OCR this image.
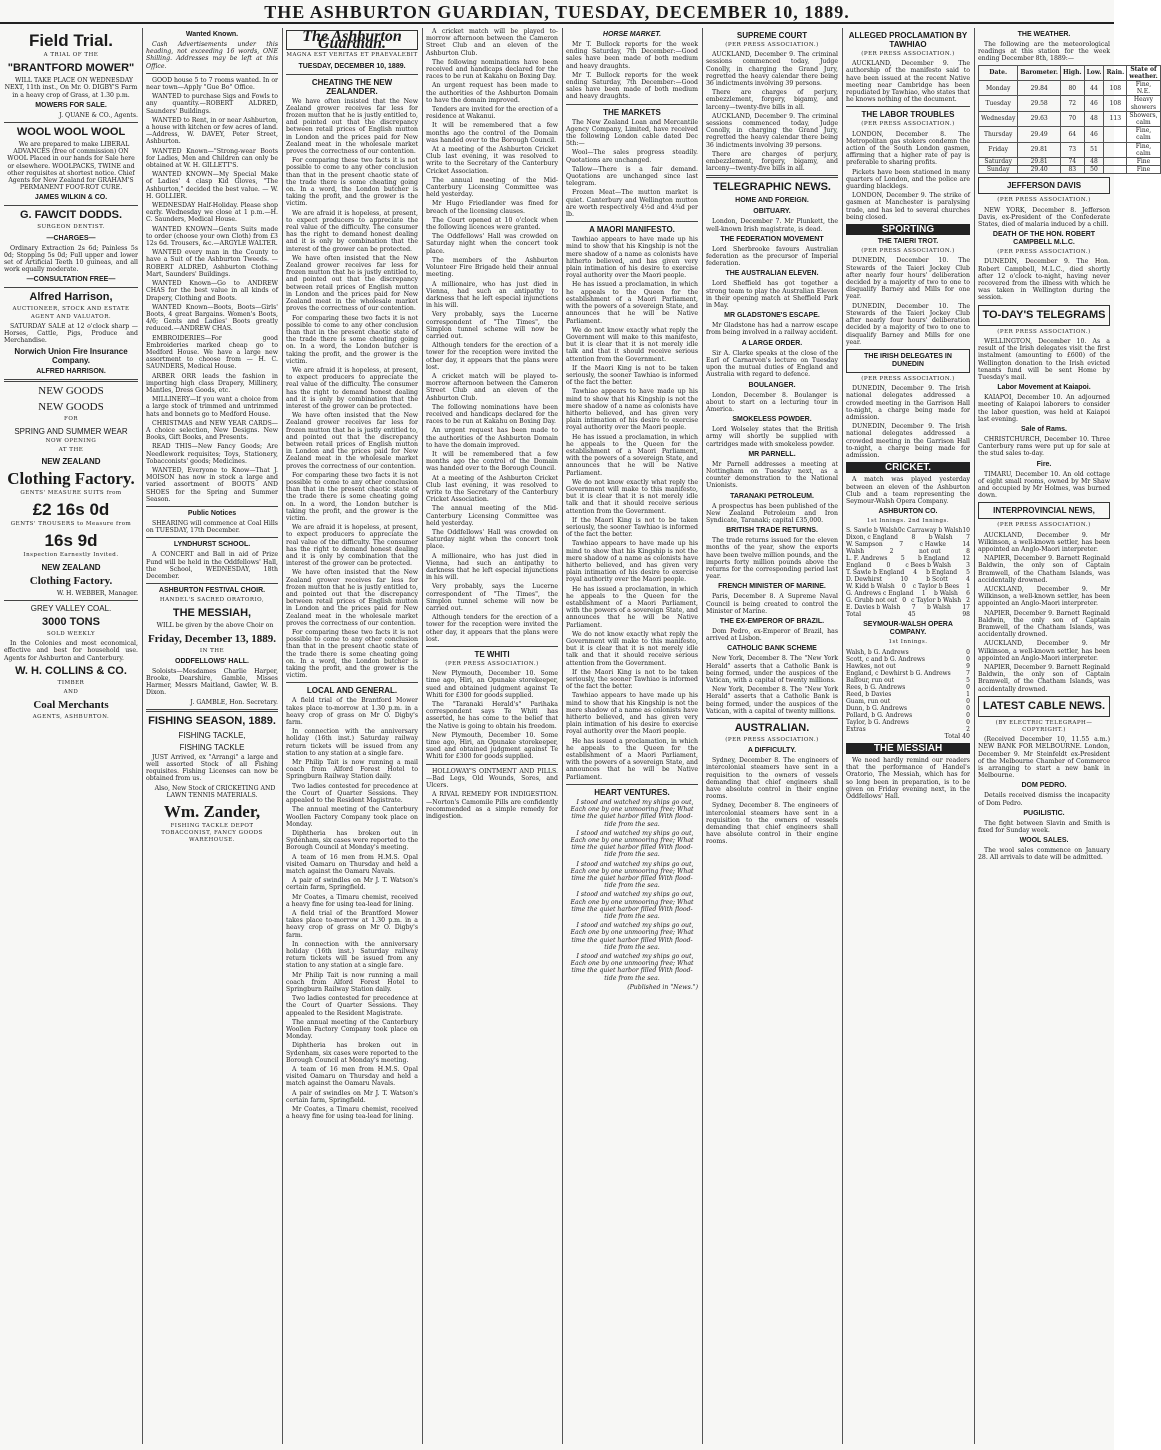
THE ASHBURTON GUARDIAN, TUESDAY, DECEMBER 10, 1889.
Field Trial.
A TRIAL OF THE
"BRANTFORD MOWER"

WILL TAKE PLACE ON WEDNESDAY NEXT, 11th inst., On Mr. O. DIGBY'S Farm in a heavy crop of Grass, at 1.30 p.m.

MOWERS FOR SALE.
J. QUANE & CO., Agents.
WOOL WOOL WOOL

We are prepared to make LIBERAL ADVANCES (free of commission) ON WOOL Placed in our hands for Sale here or elsewhere. WOOLPACKS, TWINE and other requisites at shortest notice. Chief Agents for New Zealand for GRAHAM'S PERMANENT FOOT-ROT CURE.

JAMES WILKIN & CO.
G. FAWCIT DODDS.
SURGEON DENTIST.
—CHARGES—

Ordinary Extraction 2s 6d; Painless 5s 0d; Stopping 5s 0d; Full upper and lower set of Artificial Teeth 10 guineas, and all work equally moderate.

—CONSULTATION FREE—
Alfred Harrison,
AUCTIONEER, STOCK AND ESTATE AGENT AND VALUATOR.

SATURDAY SALE at 12 o'clock sharp — Horses, Cattle, Pigs, Produce and Merchandise.

Norwich Union Fire Insurance Company.
ALFRED HARRISON.
NEW GOODS
NEW GOODS
FOR
SPRING AND SUMMER WEAR
NOW OPENING
AT THE
NEW ZEALAND
Clothing Factory.
GENTS' MEASURE SUITS from
£2 16s 0d
GENTS' TROUSERS to Measure from
16s 9d
Inspection Earnestly Invited.
NEW ZEALAND
Clothing Factory.
W. H. WEBBER, Manager.
GREY VALLEY COAL.
3000 TONS
SOLD WEEKLY

In the Colonies and most economical, effective and best for household use. Agents for Ashburton and Canterbury.

W. H. COLLINS & CO.
TIMBER
AND
Coal Merchants
AGENTS, ASHBURTON.
Wanted Known.

Cash Advertisements under this heading, not exceeding 16 words, ONE Shilling. Addresses may be left at this Office.

GOOD house 5 to 7 rooms wanted. In or near town—Apply "Gue Bo" Office.

WANTED to purchase Sigs and Fowls to any quantity.—ROBERT ALDRED, Saunders' Buildings.

WANTED to Rent, in or near Ashburton, a house with kitchen or few acres of land.—Address, W. DAVEY, Peter Street, Ashburton.

WANTED Known—"Strong-wear Boots for Ladies, Men and Children can only be obtained at W. H. GILLETT'S.

WANTED KNOWN—My Special Make of Ladies' 4 clasp Kid Gloves, "The Ashburton," decided the best value. — W. H. GOLLIER.

WEDNESDAY Half-Holiday. Please shop early. Wednesday we close at 1 p.m.—H. C. Saunders, Medical House.

WANTED KNOWN—Gents Suits made to order (choose your own Cloth) from £3 12s 6d. Trousers, &c.—ARGYLE WALTER.

WANTED every man in the County to have a Suit of the Ashburton Tweeds. — ROBERT ALDRED, Ashburton Clothing Mart, Saunders' Buildings.

WANTED Known—Go to ANDREW CHAS for the best value in all kinds of Drapery, Clothing and Boots.

WANTED Known—Boots, Boots—Girls' Boots, 4 great Bargains. Women's Boots, 4/6; Gents and Ladies' Boots greatly reduced.—ANDREW CHAS.

EMBROIDERIES—For good Embroideries marked cheap go to Medford House. We have a large new assortment to choose from — H. C. SAUNDERS, Medical House.

ARBER ORR leads the fashion in importing high class Drapery, Millinery, Mantles, Dress Goods, etc.

MILLINERY—If you want a choice from a large stock of trimmed and untrimmed hats and bonnets go to Medford House.

CHRISTMAS and NEW YEAR CARDS—A choice selection, New Designs. New Books, Gift Books, and Presents.

READ THIS—New Fancy Goods; Are Needlework requisites; Toys, Stationery, Tobacconists' goods; Medicines.

WANTED, Everyone to Know—That J. MOISON has now in stock a large and varied assortment of BOOTS AND SHOES for the Spring and Summer Season.

Public Notices

SHEARING will commence at Coal Hills on TUESDAY, 17th December.

LYNDHURST SCHOOL.

A CONCERT and Ball in aid of Prize Fund will be held in the Oddfellows' Hall, the School, WEDNESDAY, 18th December.

ASHBURTON FESTIVAL CHOIR.
HANDEL'S SACRED ORATORIO,
THE MESSIAH,

WILL be given by the above Choir on

Friday, December 13, 1889.
IN THE
ODDFELLOWS' HALL.

Soloists—Mesdames Charlie Harper, Brooke, Dearshire, Gamble, Misses Harmer, Messrs Maitland, Gawler, W. B. Dixon.

J. GAMBLE, Hon. Secretary.
FISHING SEASON, 1889.
FISHING TACKLE,
FISHING TACKLE

JUST Arrived, ex "Arrangi" a large and well assorted Stock of all Fishing requisites. Fishing Licenses can now be obtained from us.

Also, New Stock of CRICKETING AND LAWN TENNIS MATERIALS.

Wm. Zander,
FISHING TACKLE DEPOT TOBACCONIST, FANCY GOODS WAREHOUSE.
The Ashburton Guardian.
MAGNA EST VERITAS ET PRAEVALEBIT
TUESDAY, DECEMBER 10, 1889.
CHEATING THE NEW ZEALANDER.

We have often insisted that the New Zealand grower receives far less for frozen mutton that he is justly entitled to, and pointed out that the discrepancy between retail prices of English mutton in London and the prices paid for New Zealand meat in the wholesale market proves the correctness of our contention.

For comparing these two facts it is not possible to come to any other conclusion than that in the present chaotic state of the trade there is some cheating going on. In a word, the London butcher is taking the profit, and the grower is the victim.

We are afraid it is hopeless, at present, to expect producers to appreciate the real value of the difficulty. The consumer has the right to demand honest dealing and it is only by combination that the interest of the grower can be protected.

We have often insisted that the New Zealand grower receives far less for frozen mutton that he is justly entitled to, and pointed out that the discrepancy between retail prices of English mutton in London and the prices paid for New Zealand meat in the wholesale market proves the correctness of our contention.

For comparing these two facts it is not possible to come to any other conclusion than that in the present chaotic state of the trade there is some cheating going on. In a word, the London butcher is taking the profit, and the grower is the victim.

We are afraid it is hopeless, at present, to expect producers to appreciate the real value of the difficulty. The consumer has the right to demand honest dealing and it is only by combination that the interest of the grower can be protected.

We have often insisted that the New Zealand grower receives far less for frozen mutton that he is justly entitled to, and pointed out that the discrepancy between retail prices of English mutton in London and the prices paid for New Zealand meat in the wholesale market proves the correctness of our contention.

For comparing these two facts it is not possible to come to any other conclusion than that in the present chaotic state of the trade there is some cheating going on. In a word, the London butcher is taking the profit, and the grower is the victim.

We are afraid it is hopeless, at present, to expect producers to appreciate the real value of the difficulty. The consumer has the right to demand honest dealing and it is only by combination that the interest of the grower can be protected.

We have often insisted that the New Zealand grower receives far less for frozen mutton that he is justly entitled to, and pointed out that the discrepancy between retail prices of English mutton in London and the prices paid for New Zealand meat in the wholesale market proves the correctness of our contention.

For comparing these two facts it is not possible to come to any other conclusion than that in the present chaotic state of the trade there is some cheating going on. In a word, the London butcher is taking the profit, and the grower is the victim.

LOCAL AND GENERAL.

A field trial of the Brantford Mower takes place to-morrow at 1.30 p.m. in a heavy crop of grass on Mr O. Digby's farm.

In connection with the anniversary holiday (16th inst.) Saturday railway return tickets will be issued from any station to any station at a single fare.

Mr Philip Tait is now running a mail coach from Alford Forest Hotel to Springburn Railway Station daily.

Two ladies contested for precedence at the Court of Quarter Sessions. They appealed to the Resident Magistrate.

The annual meeting of the Canterbury Woollen Factory Company took place on Monday.

Diphtheria has broken out in Sydenham, six cases were reported to the Borough Council at Monday's meeting.

A team of 16 men from H.M.S. Opal visited Oamaru on Thursday and held a match against the Oamaru Navals.

A pair of swindles on Mr J. T. Watson's certain farm, Springfield.

Mr Coates, a Timaru chemist, received a heavy fine for using tea-lead for lining.

A field trial of the Brantford Mower takes place to-morrow at 1.30 p.m. in a heavy crop of grass on Mr O. Digby's farm.

In connection with the anniversary holiday (16th inst.) Saturday railway return tickets will be issued from any station to any station at a single fare.

Mr Philip Tait is now running a mail coach from Alford Forest Hotel to Springburn Railway Station daily.

Two ladies contested for precedence at the Court of Quarter Sessions. They appealed to the Resident Magistrate.

The annual meeting of the Canterbury Woollen Factory Company took place on Monday.

Diphtheria has broken out in Sydenham, six cases were reported to the Borough Council at Monday's meeting.

A team of 16 men from H.M.S. Opal visited Oamaru on Thursday and held a match against the Oamaru Navals.

A pair of swindles on Mr J. T. Watson's certain farm, Springfield.

Mr Coates, a Timaru chemist, received a heavy fine for using tea-lead for lining.

A cricket match will be played to-morrow afternoon between the Cameron Street Club and an eleven of the Ashburton Club.

The following nominations have been received and handicaps declared for the races to be run at Kakahu on Boxing Day.

An urgent request has been made to the authorities of the Ashburton Domain to have the domain improved.

Tenders are invited for the erection of a residence at Wakanui.

It will be remembered that a few months ago the control of the Domain was handed over to the Borough Council.

At a meeting of the Ashburton Cricket Club last evening, it was resolved to write to the Secretary of the Canterbury Cricket Association.

The annual meeting of the Mid-Canterbury Licensing Committee was held yesterday.

Mr Hugo Friedlander was fined for breach of the licensing clauses.

The Court opened at 10 o'clock when the following licences were granted.

The Oddfellows' Hall was crowded on Saturday night when the concert took place.

The members of the Ashburton Volunteer Fire Brigade held their annual meeting.

A millionaire, who has just died in Vienna, had such an antipathy to darkness that he left especial injunctions in his will.

Very probably, says the Lucerne correspondent of "The Times", the Simplon tunnel scheme will now be carried out.

Although tenders for the erection of a tower for the reception were invited the other day, it appears that the plans were lost.

A cricket match will be played to-morrow afternoon between the Cameron Street Club and an eleven of the Ashburton Club.

The following nominations have been received and handicaps declared for the races to be run at Kakahu on Boxing Day.

An urgent request has been made to the authorities of the Ashburton Domain to have the domain improved.

It will be remembered that a few months ago the control of the Domain was handed over to the Borough Council.

At a meeting of the Ashburton Cricket Club last evening, it was resolved to write to the Secretary of the Canterbury Cricket Association.

The annual meeting of the Mid-Canterbury Licensing Committee was held yesterday.

The Oddfellows' Hall was crowded on Saturday night when the concert took place.

A millionaire, who has just died in Vienna, had such an antipathy to darkness that he left especial injunctions in his will.

Very probably, says the Lucerne correspondent of "The Times", the Simplon tunnel scheme will now be carried out.

Although tenders for the erection of a tower for the reception were invited the other day, it appears that the plans were lost.

TE WHITI
(PER PRESS ASSOCIATION.)

New Plymouth, December 10. Some time ago, Hiri, an Opunake storekeeper, sued and obtained judgment against Te Whiti for £300 for goods supplied.

The "Taranaki Herald's" Parihaka correspondent says Te Whiti has asserted, he has come to the belief that the Native is going to obtain his freedom.

New Plymouth, December 10. Some time ago, Hiri, an Opunake storekeeper, sued and obtained judgment against Te Whiti for £300 for goods supplied.

HOLLOWAY'S OINTMENT AND PILLS.—Bad Legs, Old Wounds, Sores, and Ulcers.

A RIVAL REMEDY FOR INDIGESTION.—Norton's Camomile Pills are confidently recommended as a simple remedy for indigestion.

HORSE MARKET.

Mr T. Bullock reports for the week ending Saturday, 7th December:—Good sales have been made of both medium and heavy draughts.

Mr T. Bullock reports for the week ending Saturday, 7th December:—Good sales have been made of both medium and heavy draughts.

THE MARKETS

The New Zealand Loan and Mercantile Agency Company, Limited, have received the following London cable dated Dec 5th:—

Wool—The sales progress steadily. Quotations are unchanged.

Tallow—There is a fair demand. Quotations are unchanged since last telegram.

Frozen Meat—The mutton market is quiet. Canterbury and Wellington mutton are worth respectively 4½d and 4¼d per lb.

A MAORI MANIFESTO.

Tawhiao appears to have made up his mind to show that his Kingship is not the mere shadow of a name as colonists have hitherto believed, and has given very plain intimation of his desire to exercise royal authority over the Maori people.

He has issued a proclamation, in which he appeals to the Queen for the establishment of a Maori Parliament, with the powers of a sovereign State, and announces that he will be Native Parliament.

We do not know exactly what reply the Government will make to this manifesto, but it is clear that it is not merely idle talk and that it should receive serious attention from the Government.

If the Maori King is not to be taken seriously, the sooner Tawhiao is informed of the fact the better.

Tawhiao appears to have made up his mind to show that his Kingship is not the mere shadow of a name as colonists have hitherto believed, and has given very plain intimation of his desire to exercise royal authority over the Maori people.

He has issued a proclamation, in which he appeals to the Queen for the establishment of a Maori Parliament, with the powers of a sovereign State, and announces that he will be Native Parliament.

We do not know exactly what reply the Government will make to this manifesto, but it is clear that it is not merely idle talk and that it should receive serious attention from the Government.

If the Maori King is not to be taken seriously, the sooner Tawhiao is informed of the fact the better.

Tawhiao appears to have made up his mind to show that his Kingship is not the mere shadow of a name as colonists have hitherto believed, and has given very plain intimation of his desire to exercise royal authority over the Maori people.

He has issued a proclamation, in which he appeals to the Queen for the establishment of a Maori Parliament, with the powers of a sovereign State, and announces that he will be Native Parliament.

We do not know exactly what reply the Government will make to this manifesto, but it is clear that it is not merely idle talk and that it should receive serious attention from the Government.

If the Maori King is not to be taken seriously, the sooner Tawhiao is informed of the fact the better.

Tawhiao appears to have made up his mind to show that his Kingship is not the mere shadow of a name as colonists have hitherto believed, and has given very plain intimation of his desire to exercise royal authority over the Maori people.

He has issued a proclamation, in which he appeals to the Queen for the establishment of a Maori Parliament, with the powers of a sovereign State, and announces that he will be Native Parliament.

HEART VENTURES.

I stood and watched my ships go out, Each one by one unmooring free; What time the quiet harbor filled With flood-tide from the sea.

I stood and watched my ships go out, Each one by one unmooring free; What time the quiet harbor filled With flood-tide from the sea.

I stood and watched my ships go out, Each one by one unmooring free; What time the quiet harbor filled With flood-tide from the sea.

I stood and watched my ships go out, Each one by one unmooring free; What time the quiet harbor filled With flood-tide from the sea.

I stood and watched my ships go out, Each one by one unmooring free; What time the quiet harbor filled With flood-tide from the sea.

I stood and watched my ships go out, Each one by one unmooring free; What time the quiet harbor filled With flood-tide from the sea.

(Published in "News.")
SUPREME COURT
(PER PRESS ASSOCIATION.)

AUCKLAND, December 9. The criminal sessions commenced today, Judge Conolly, in charging the Grand Jury, regretted the heavy calendar there being 36 indictments involving 39 persons.

There are charges of perjury, embezzlement, forgery, bigamy, and larceny—twenty-five bills in all.

AUCKLAND, December 9. The criminal sessions commenced today, Judge Conolly, in charging the Grand Jury, regretted the heavy calendar there being 36 indictments involving 39 persons.

There are charges of perjury, embezzlement, forgery, bigamy, and larceny—twenty-five bills in all.

TELEGRAPHIC NEWS.
HOME AND FOREIGN.
OBITUARY.

London, December 7. Mr Plunkett, the well-known Irish magistrate, is dead.

THE FEDERATION MOVEMENT

Lord Sherbrooke favours Australian federation as the precursor of Imperial federation.

THE AUSTRALIAN ELEVEN.

Lord Sheffield has got together a strong team to play the Australian Eleven in their opening match at Sheffield Park in May.

MR GLADSTONE'S ESCAPE.

Mr Gladstone has had a narrow escape from being involved in a railway accident.

A LARGE ORDER.

Sir A. Clarke speaks at the close of the Earl of Carnarvon's lecture on Tuesday upon the mutual duties of England and Australia with regard to defence.

BOULANGER.

London, December 8. Boulanger is about to start on a lecturing tour in America.

SMOKELESS POWDER.

Lord Wolseley states that the British army will shortly be supplied with cartridges made with smokeless powder.

MR PARNELL.

Mr Parnell addresses a meeting at Nottingham on Tuesday next, as a counter demonstration to the National Unionists.

TARANAKI PETROLEUM.

A prospectus has been published of the New Zealand Petroleum and Iron Syndicate, Taranaki; capital £35,000.

BRITISH TRADE RETURNS.

The trade returns issued for the eleven months of the year, show the exports have been twelve million pounds, and the imports forty million pounds above the returns for the corresponding period last year.

FRENCH MINISTER OF MARINE.

Paris, December 8. A Supreme Naval Council is being created to control the Minister of Marine.

THE EX-EMPEROR OF BRAZIL.

Dom Pedro, ex-Emperor of Brazil, has arrived at Lisbon.

CATHOLIC BANK SCHEME

New York, December 8. The "New York Herald" asserts that a Catholic Bank is being formed, under the auspices of the Vatican, with a capital of twenty millions.

New York, December 8. The "New York Herald" asserts that a Catholic Bank is being formed, under the auspices of the Vatican, with a capital of twenty millions.

AUSTRALIAN.
(PER PRESS ASSOCIATION.)
A DIFFICULTY.

Sydney, December 8. The engineers of intercolonial steamers have sent in a requisition to the owners of vessels demanding that chief engineers shall have absolute control in their engine rooms.

Sydney, December 8. The engineers of intercolonial steamers have sent in a requisition to the owners of vessels demanding that chief engineers shall have absolute control in their engine rooms.

ALLEGED PROCLAMATION BY TAWHIAO
(PER PRESS ASSOCIATION.)

AUCKLAND, December 9. The authorship of the manifesto said to have been issued at the recent Native meeting near Cambridge has been repudiated by Tawhiao, who states that he knows nothing of the document.

THE LABOR TROUBLES
(PER PRESS ASSOCIATION.)

LONDON, December 8. The Metropolitan gas stokers condemn the action of the South London gasmen, affirming that a higher rate of pay is preferable to sharing profits.

Pickets have been stationed in many quarters of London, and the police are guarding blacklegs.

LONDON, December 9. The strike of gasmen at Manchester is paralysing trade, and has led to several churches being closed.

SPORTING
THE TAIERI TROT.
(PER PRESS ASSOCIATION.)

DUNEDIN, December 10. The Stewards of the Taieri Jockey Club after nearly four hours' deliberation decided by a majority of two to one to disqualify Barney and Mills for one year.

DUNEDIN, December 10. The Stewards of the Taieri Jockey Club after nearly four hours' deliberation decided by a majority of two to one to disqualify Barney and Mills for one year.

THE IRISH DELEGATES IN DUNEDIN
(PER PRESS ASSOCIATION.)

DUNEDIN, December 9. The Irish national delegates addressed a crowded meeting in the Garrison Hall to-night, a charge being made for admission.

DUNEDIN, December 9. The Irish national delegates addressed a crowded meeting in the Garrison Hall to-night, a charge being made for admission.

CRICKET.

A match was played yesterday between an eleven of the Ashburton Club and a team representing the Seymour-Walsh Opera Company.

ASHBURTON CO.
1st Innings. 2nd Innings.
S. Sawle b Walsh 0 c Carraway b Walsh 10
Dixon, c England 8 b Walsh 7
W. Sampson	7	c Hawke	14
Walsh	2	not out	8
L. F. Andrews 5 b England 12
England	0	c Bees b Walsh	3
T. Sawle b England 4 b England 5
D. Dewhirst	10	b Scott	4
W. Kidd b Walsh 0 c Taylor b Bees 1
G. Andrews c England 1 b Walsh 6
G. Grubb not out 0 c Taylor b Walsh 2
E. Davies b Walsh 7 b Walsh 17
Total	45	98
SEYMOUR-WALSH OPERA COMPANY.
1st Innings.
Walsh, b G. Andrews	0
Scott, c and b G. Andrews	0
Hawkes, not out	9
England, c Dewhirst b G. Andrews	7
Balfour, run out	5
Rees, b G. Andrews	0
Reed, b Davies	1
Guam, run out	0
Dunn, b G. Andrews	0
Pollard, b G. Andrews	0
Taylor, b G. Andrews	0
Extras	2
Total 40
THE MESSIAH

We need hardly remind our readers that the performance of Handel's Oratorio, The Messiah, which has for so long been in preparation, is to be given on Friday evening next, in the Oddfellows' Hall.

THE WEATHER.

The following are the meteorological readings at this station for the week ending December 8th, 1889:—

Date.	Barometer.	High.	Low.	Rain.	State of weather.
Monday	29.84	80	44	108	Fine, N.E.
Tuesday	29.58	72	46	108	Heavy showers
Wednesday	29.63	70	48	113	Showers, calm
Thursday	29.49	64	46		Fine, calm
Friday	29.81	73	51		Fine, calm
Saturday	29.81	74	48		Fine
Sunday	29.40	83	50		Fine
JEFFERSON DAVIS
(PER PRESS ASSOCIATION.)

NEW YORK, December 8. Jefferson Davis, ex-President of the Confederate States, died of malaria induced by a chill.

DEATH OF THE HON. ROBERT CAMPBELL M.L.C.
(PER PRESS ASSOCIATION.)

DUNEDIN, December 9. The Hon. Robert Campbell, M.L.C., died shortly after 12 o'clock to-night, having never recovered from the illness with which he was taken in Wellington during the session.

TO-DAY'S TELEGRAMS
(PER PRESS ASSOCIATION.)

WELLINGTON, December 10. As a result of the Irish delegates visit the first instalment (amounting to £600) of the Wellington donation to the Irish evicted tenants fund will be sent Home by Tuesday's mail.

Labor Movement at Kaiapoi.

KAIAPOI, December 10. An adjourned meeting of Kaiapoi laborers to consider the labor question, was held at Kaiapoi last evening.

Sale of Rams.

CHRISTCHURCH, December 10. Three Canterbury rams were put up for sale at the stud sales to-day.

Fire.

TIMARU, December 10. An old cottage of eight small rooms, owned by Mr Shaw and occupied by Mr Holmes, was burned down.

INTERPROVINCIAL NEWS,
(PER PRESS ASSOCIATION.)

AUCKLAND, December 9. Mr Wilkinson, a well-known settler, has been appointed an Anglo-Maori interpreter.

NAPIER, December 9. Barnett Reginald Baldwin, the only son of Captain Bramwell, of the Chatham Islands, was accidentally drowned.

AUCKLAND, December 9. Mr Wilkinson, a well-known settler, has been appointed an Anglo-Maori interpreter.

NAPIER, December 9. Barnett Reginald Baldwin, the only son of Captain Bramwell, of the Chatham Islands, was accidentally drowned.

AUCKLAND, December 9. Mr Wilkinson, a well-known settler, has been appointed an Anglo-Maori interpreter.

NAPIER, December 9. Barnett Reginald Baldwin, the only son of Captain Bramwell, of the Chatham Islands, was accidentally drowned.

LATEST CABLE NEWS.
(BY ELECTRIC TELEGRAPH—COPYRIGHT.)

(Received December 10, 11.55 a.m.) NEW BANK FOR MELBOURNE. London, December 9. Mr Steinfeldt ex-President of the Melbourne Chamber of Commerce is arranging to start a new bank in Melbourne.

DOM PEDRO.

Details received dismiss the incapacity of Dom Pedro.

PUGILISTIC.

The fight between Slavin and Smith is fixed for Sunday week.

WOOL SALES.

The wool sales commence on January 28. All arrivals to date will be admitted.
